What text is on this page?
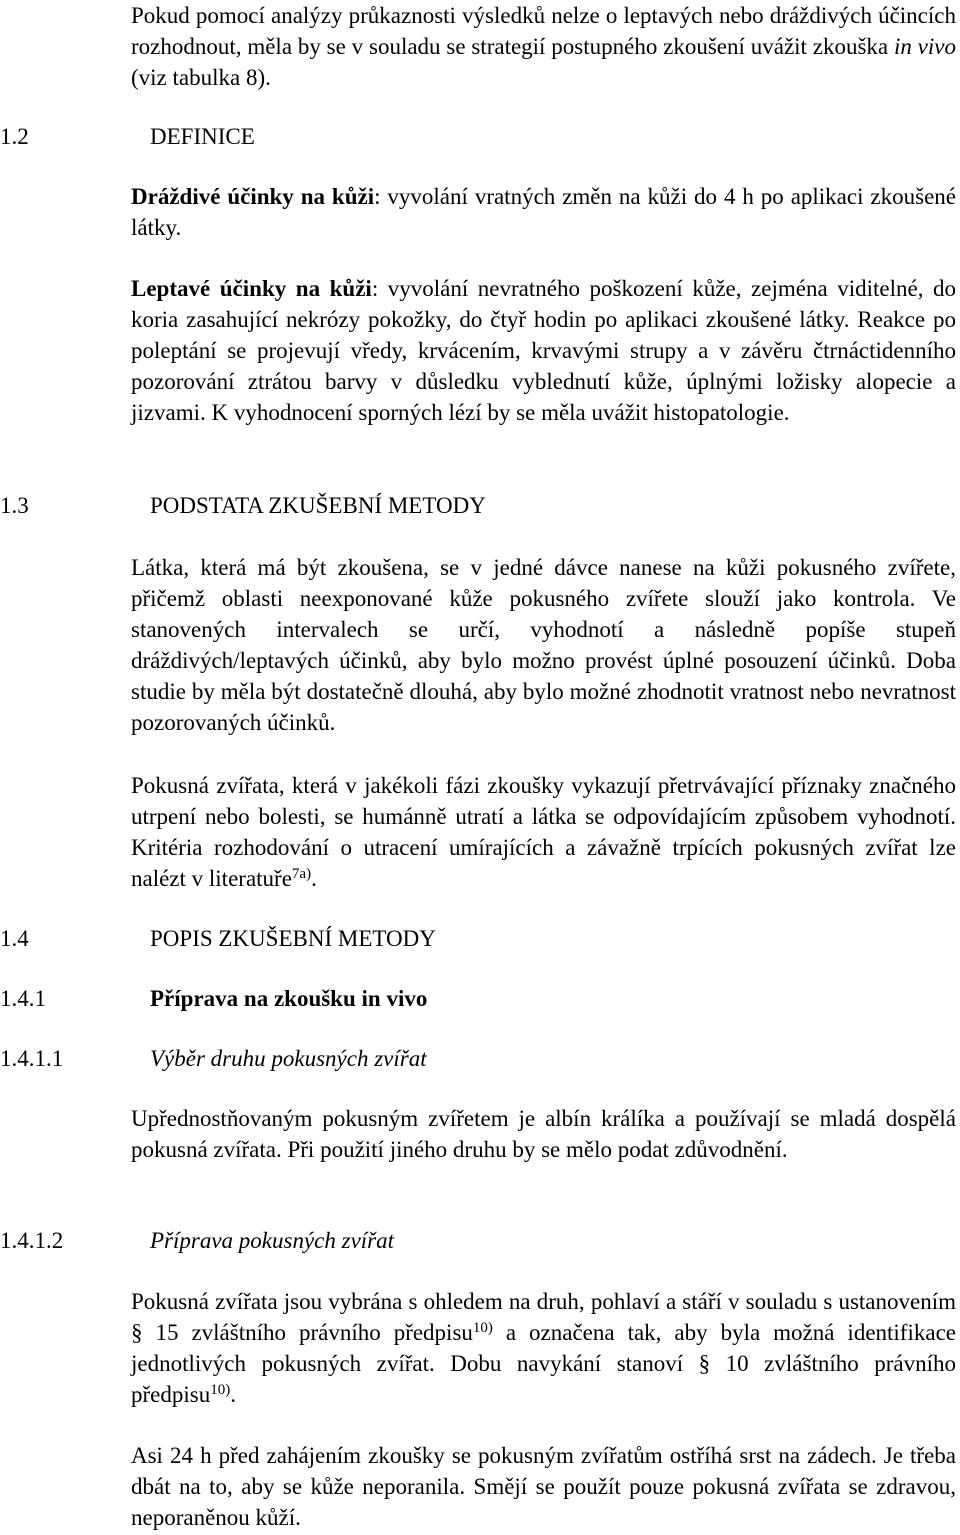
Pokud pomocí analýzy průkaznosti výsledků nelze o leptavých nebo dráždivých účincích rozhodnout, měla by se v souladu se strategií postupného zkoušení uvážit zkouška in vivo (viz tabulka 8).

1.2	DEFINICE

Dráždivé účinky na kůži: vyvolání vratných změn na kůži do 4 h po aplikaci zkoušené látky.

Leptavé účinky na kůži: vyvolání nevratného poškození kůže, zejména viditelné, do koria zasahující nekrózy pokožky, do čtyř hodin po aplikaci zkoušené látky. Reakce po poleptání se projevují vředy, krvácením, krvavými strupy a v závěru čtrnáctidenního pozorování ztrátou barvy v důsledku vyblednutí kůže, úplnými ložisky alopecie a jizvami. K vyhodnocení sporných lézí by se měla uvážit histopatologie.

1.3	PODSTATA ZKUŠEBNÍ METODY

Látka, která má být zkoušena, se v jedné dávce nanese na kůži pokusného zvířete, přičemž oblasti neexponované kůže pokusného zvířete slouží jako kontrola. Ve stanovených intervalech se určí, vyhodnotí a následně popíše stupeň dráždivých/leptavých účinků, aby bylo možno provést úplné posouzení účinků. Doba studie by měla být dostatečně dlouhá, aby bylo možné zhodnotit vratnost nebo nevratnost pozorovaných účinků.

Pokusná zvířata, která v jakékoli fázi zkoušky vykazují přetrvávající příznaky značného utrpení nebo bolesti, se humánně utratí a látka se odpovídajícím způsobem vyhodnotí. Kritéria rozhodování o utracení umírajících a závažně trpících pokusných zvířat lze nalézt v literatuře$^{7a)}$.

1.4	POPIS ZKUŠEBNÍ METODY
1.4.1	Příprava na zkoušku in vivo
1.4.1.1	Výběr druhu pokusných zvířat

Upřednostňovaným pokusným zvířetem je albín králíka a používají se mladá dospělá pokusná zvířata. Při použití jiného druhu by se mělo podat zdůvodnění.

1.4.1.2	Příprava pokusných zvířat

Pokusná zvířata jsou vybrána s ohledem na druh, pohlaví a stáří v souladu s ustanovením § 15 zvláštního právního předpisu$^{10)}$ a označena tak, aby byla možná identifikace jednotlivých pokusných zvířat. Dobu navykání stanoví § 10 zvláštního právního předpisu$^{10)}$.

Asi 24 h před zahájením zkoušky se pokusným zvířatům ostříhá srst na zádech. Je třeba dbát na to, aby se kůže neporanila. Smějí se použít pouze pokusná zvířata se zdravou, neporaněnou kůží.
